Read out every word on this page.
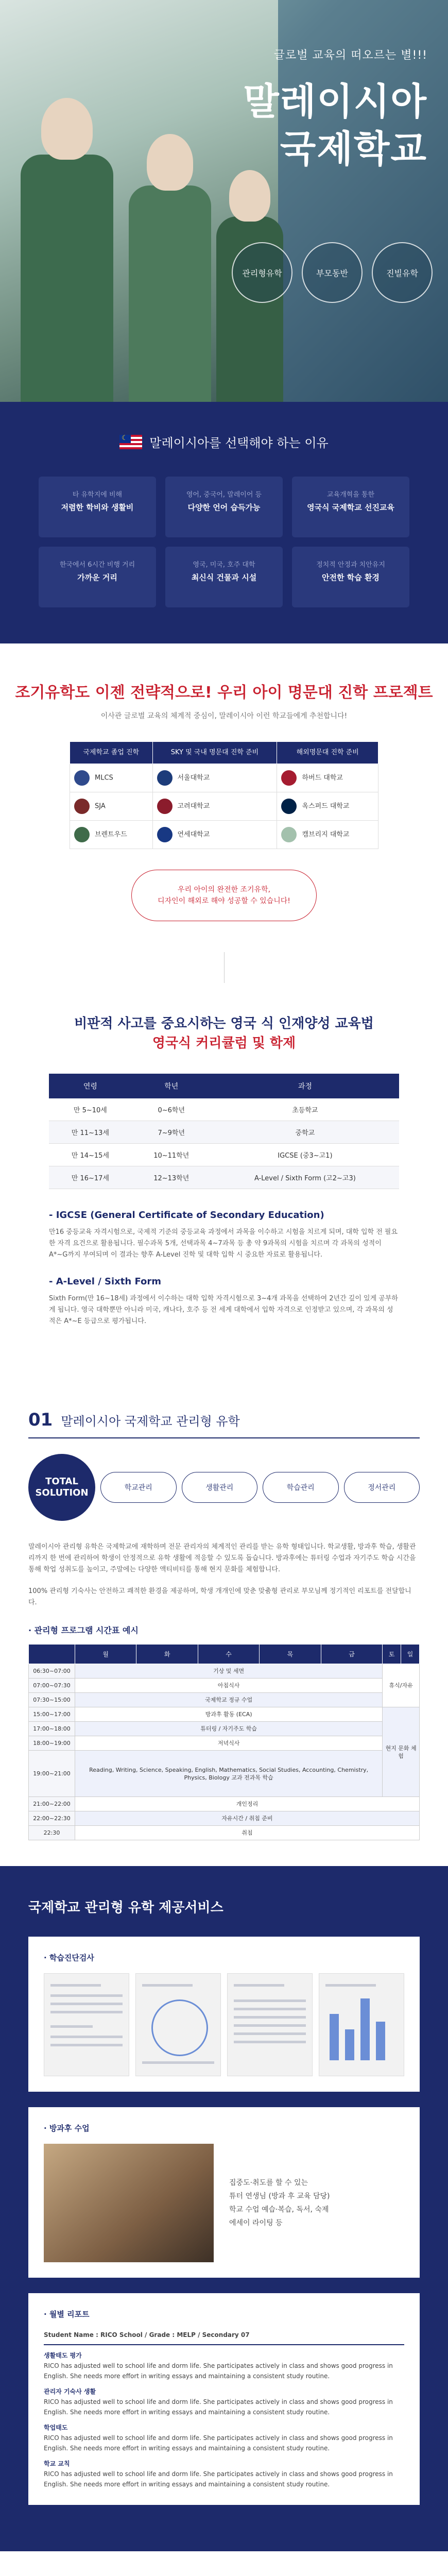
글로벌 교육의 떠오르는 별!!!
말레이시아
국제학교
관리형유학	부모동반	진빌유학
☾
말레이시아를 선택해야 하는 이유
타 유학지에 비해
저렴한 학비와 생활비
영어, 중국어, 말레이어 등
다양한 언어 습득가능
교육개혁을 통한
영국식 국제학교 선진교육
한국에서 6시간 비행 거리
가까운 거리
영국, 미국, 호주 대학
최신식 건물과 시설
정치적 안정과 치안유지
안전한 학습 환경
조기유학도 이젠 전략적으로! 우리 아이 명문대 진학 프로젝트

이사관 글로벌 교육의 체계적 중심이, 말레이시아 이런 학교들에게 추천합니다!

국제학교 졸업 진학	SKY 및 국내 명문대 진학 준비	해외명문대 진학 준비
MLCS	서울대학교	하버드 대학교
SJA	고려대학교	옥스퍼드 대학교
브렌트우드	연세대학교	캠브리지 대학교
우리 아이의 완전한 조기유학,
디자인이 해외로 해야 성공할 수 있습니다!
비판적 사고를 중요시하는 영국 식 인재양성 교육법
영국식 커리큘럼 및 학제
연령	학년	과정
만 5~10세	0~6학년	초등학교
만 11~13세	7~9학년	중학교
만 14~15세	10~11학년	IGCSE (중3~고1)
만 16~17세	12~13학년	A-Level / Sixth Form (고2~고3)
- IGCSE (General Certificate of Secondary Education)

만16 중등교육 자격시험으로, 국제적 기준의 중등교육 과정에서 과목을 이수하고 시험을 치르게 되며, 대학 입학 전 필요한 자격 요건으로 활용됩니다. 필수과목 5개, 선택과목 4~7과목 등 총 약 9과목의 시험을 치르며 각 과목의 성적이 A*~G까지 부여되며 이 결과는 향후 A-Level 진학 및 대학 입학 시 중요한 자료로 활용됩니다.

- A-Level / Sixth Form

Sixth Form(만 16~18세) 과정에서 이수하는 대학 입학 자격시험으로 3~4개 과목을 선택하여 2년간 깊이 있게 공부하게 됩니다. 영국 대학뿐만 아니라 미국, 캐나다, 호주 등 전 세계 대학에서 입학 자격으로 인정받고 있으며, 각 과목의 성적은 A*~E 등급으로 평가됩니다.

01 말레이시아 국제학교 관리형 유학
TOTAL
SOLUTION	학교관리	생활관리	학습관리	정서관리

말레이시아 관리형 유학은 국제학교에 재학하며 전문 관리자의 체계적인 관리를 받는 유학 형태입니다. 학교생활, 방과후 학습, 생활관리까지 한 번에 관리하여 학생이 안정적으로 유학 생활에 적응할 수 있도록 돕습니다. 방과후에는 튜터링 수업과 자기주도 학습 시간을 통해 학업 성취도를 높이고, 주말에는 다양한 액티비티를 통해 현지 문화를 체험합니다.

100% 관리형 기숙사는 안전하고 쾌적한 환경을 제공하며, 학생 개개인에 맞춘 맞춤형 관리로 부모님께 정기적인 리포트를 전달합니다.

· 관리형 프로그램 시간표 예시
	월	화	수	목	금	토	일
06:30~07:00	기상 및 세면					휴식/자유	
07:00~07:30	아침식사						
07:30~15:00	국제학교 정규 수업						
15:00~17:00	방과후 활동 (ECA)					현지 문화 체험	
17:00~18:00	튜터링 / 자기주도 학습						
18:00~19:00	저녁식사						
19:00~21:00	Reading, Writing, Science, Speaking, English, Mathematics, Social Studies, Accounting, Chemistry, Physics, Biology 교과 전과목 학습						
21:00~22:00	개인정리						
22:00~22:30	자유시간 / 취침 준비						
22:30	취침						
국제학교 관리형 유학 제공서비스
· 학습진단검사
· 방과후 수업
집중도·취도를 할 수 있는
튜터 연생님 (방과 후 교육 담당)
학교 수업 예습·복습, 독서, 숙제
에세이 라이팅 등
· 월별 리포트
Student Name : RICO School / Grade : MELP / Secondary 07
생활태도 평가
RICO has adjusted well to school life and dorm life. She participates actively in class and shows good progress in English. She needs more effort in writing essays and maintaining a consistent study routine.
관리자 기숙사 생활
RICO has adjusted well to school life and dorm life. She participates actively in class and shows good progress in English. She needs more effort in writing essays and maintaining a consistent study routine.
학업태도
RICO has adjusted well to school life and dorm life. She participates actively in class and shows good progress in English. She needs more effort in writing essays and maintaining a consistent study routine.
학교 교칙
RICO has adjusted well to school life and dorm life. She participates actively in class and shows good progress in English. She needs more effort in writing essays and maintaining a consistent study routine.
